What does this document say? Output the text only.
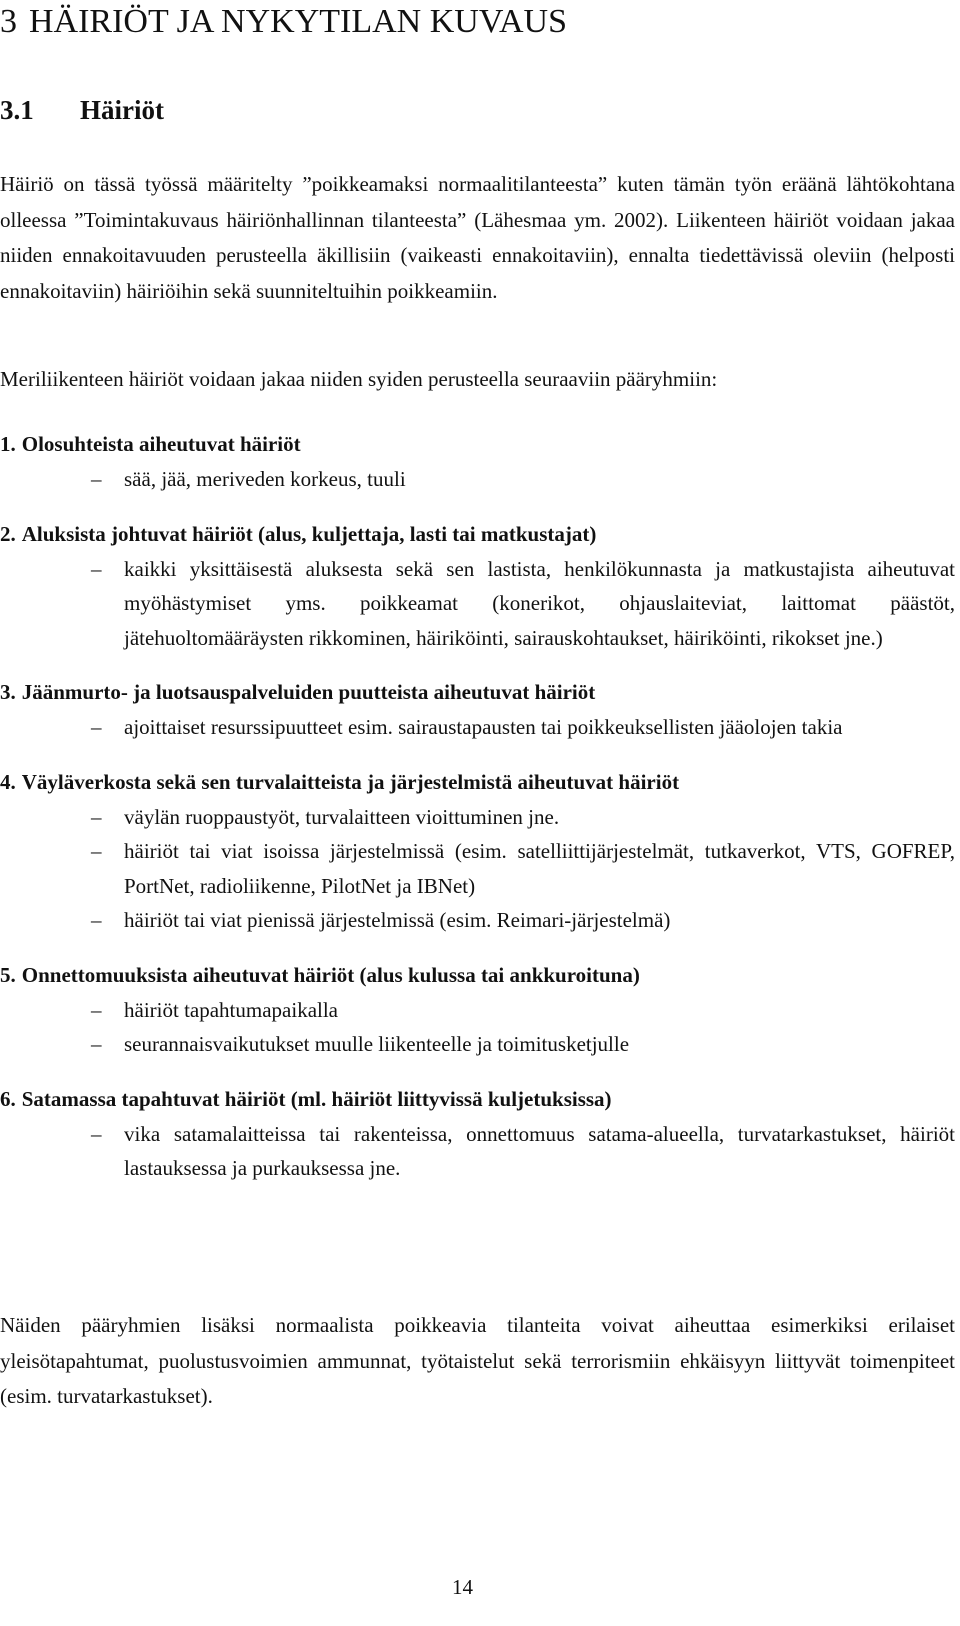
3 HÄIRIÖT JA NYKYTILAN KUVAUS
3.1 Häiriöt

Häiriö on tässä työssä määritelty ”poikkeamaksi normaalitilanteesta” kuten tämän työn eräänä lähtökohtana olleessa ”Toimintakuvaus häiriönhallinnan tilanteesta” (Lähesmaa ym. 2002). Liikenteen häiriöt voidaan jakaa niiden ennakoitavuuden perusteella äkillisiin (vaikeasti ennakoitaviin), ennalta tiedettävissä oleviin (helposti ennakoitaviin) häiriöihin sekä suunniteltuihin poikkeamiin.

Meriliikenteen häiriöt voidaan jakaa niiden syiden perusteella seuraaviin pääryhmiin:

1. Olosuhteista aiheutuvat häiriöt
– sää, jää, meriveden korkeus, tuuli
2. Aluksista johtuvat häiriöt (alus, kuljettaja, lasti tai matkustajat)
– kaikki yksittäisestä aluksesta sekä sen lastista, henkilökunnasta ja matkustajista aiheutuvat myöhästymiset yms. poikkeamat (konerikot, ohjauslaiteviat, laittomat päästöt, jätehuoltomääräysten rikkominen, häiriköinti, sairauskohtaukset, häiriköinti, rikokset jne.)
3. Jäänmurto- ja luotsauspalveluiden puutteista aiheutuvat häiriöt
– ajoittaiset resurssipuutteet esim. sairaustapausten tai poikkeuksellisten jääolojen takia
4. Väyläverkosta sekä sen turvalaitteista ja järjestelmistä aiheutuvat häiriöt
– väylän ruoppaustyöt, turvalaitteen vioittuminen jne.
– häiriöt tai viat isoissa järjestelmissä (esim. satelliittijärjestelmät, tutkaverkot, VTS, GOFREP, PortNet, radioliikenne, PilotNet ja IBNet)
– häiriöt tai viat pienissä järjestelmissä (esim. Reimari-järjestelmä)
5. Onnettomuuksista aiheutuvat häiriöt (alus kulussa tai ankkuroituna)
– häiriöt tapahtumapaikalla
– seurannaisvaikutukset muulle liikenteelle ja toimitusketjulle
6. Satamassa tapahtuvat häiriöt (ml. häiriöt liittyvissä kuljetuksissa)
– vika satamalaitteissa tai rakenteissa, onnettomuus satama-alueella, turvatarkastukset, häiriöt lastauksessa ja purkauksessa jne.

Näiden pääryhmien lisäksi normaalista poikkeavia tilanteita voivat aiheuttaa esimerkiksi erilaiset yleisötapahtumat, puolustusvoimien ammunnat, työtaistelut sekä terrorismiin ehkäisyyn liittyvät toimenpiteet (esim. turvatarkastukset).

14
